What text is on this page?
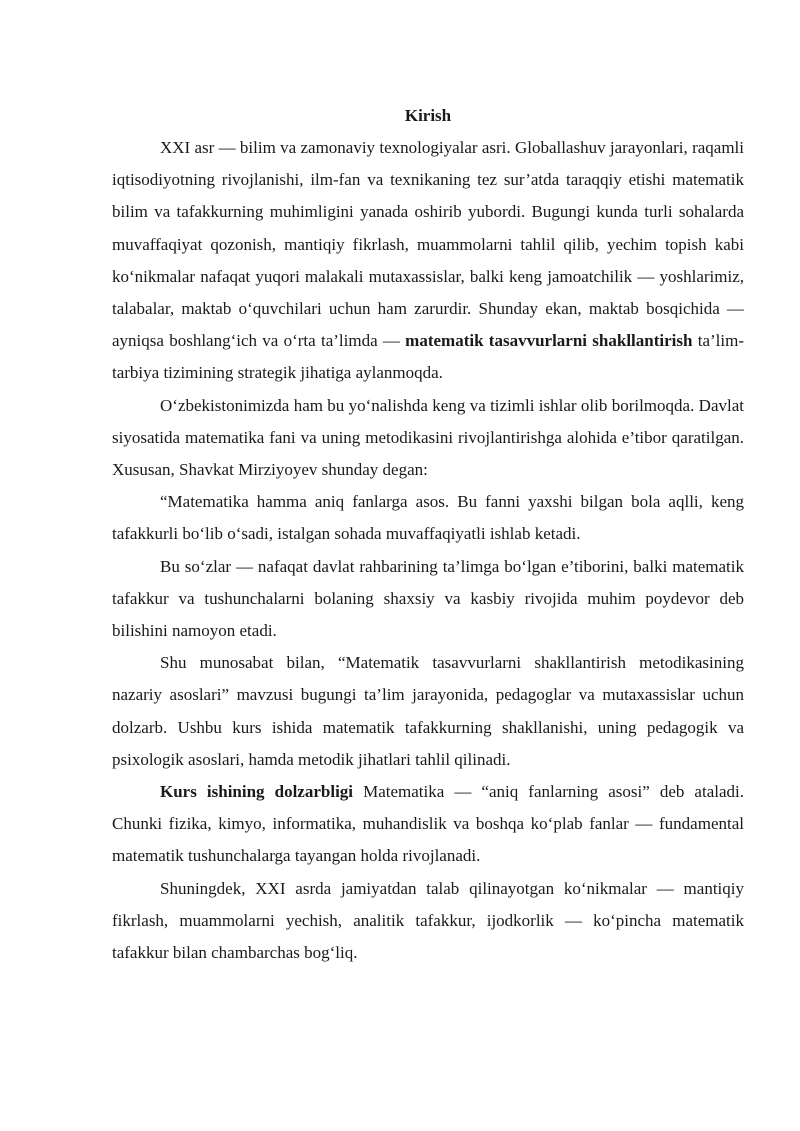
Kirish

XXI asr — bilim va zamonaviy texnologiyalar asri. Globallashuv jarayonlari, raqamli iqtisodiyotning rivojlanishi, ilm-fan va texnikaning tez sur’atda taraqqiy etishi matematik bilim va tafakkurning muhimligini yanada oshirib yubordi. Bugungi kunda turli sohalarda muvaffaqiyat qozonish, mantiqiy fikrlash, muammolarni tahlil qilib, yechim topish kabi ko‘nikmalar nafaqat yuqori malakali mutaxassislar, balki keng jamoatchilik — yoshlarimiz, talabalar, maktab o‘quvchilari uchun ham zarurdir. Shunday ekan, maktab bosqichida — ayniqsa boshlang‘ich va o‘rta ta’limda — matematik tasavvurlarni shakllantirish ta’lim-tarbiya tizimining strategik jihatiga aylanmoqda.

O‘zbekistonimizda ham bu yo‘nalishda keng va tizimli ishlar olib borilmoqda. Davlat siyosatida matematika fani va uning metodikasini rivojlantirishga alohida e’tibor qaratilgan. Xususan, Shavkat Mirziyoyev shunday degan:

“Matematika hamma aniq fanlarga asos. Bu fanni yaxshi bilgan bola aqlli, keng tafakkurli bo‘lib o‘sadi, istalgan sohada muvaffaqiyatli ishlab ketadi.

Bu so‘zlar — nafaqat davlat rahbarining ta’limga bo‘lgan e’tiborini, balki matematik tafakkur va tushunchalarni bolaning shaxsiy va kasbiy rivojida muhim poydevor deb bilishini namoyon etadi.

Shu munosabat bilan, “Matematik tasavvurlarni shakllantirish metodikasining nazariy asoslari” mavzusi bugungi ta’lim jarayonida, pedagoglar va mutaxassislar uchun dolzarb. Ushbu kurs ishida matematik tafakkurning shakllanishi, uning pedagogik va psixologik asoslari, hamda metodik jihatlari tahlil qilinadi.

Kurs ishining dolzarbligi Matematika — “aniq fanlarning asosi” deb ataladi. Chunki fizika, kimyo, informatika, muhandislik va boshqa ko‘plab fanlar — fundamental matematik tushunchalarga tayangan holda rivojlanadi.

Shuningdek, XXI asrda jamiyatdan talab qilinayotgan ko‘nikmalar — mantiqiy fikrlash, muammolarni yechish, analitik tafakkur, ijodkorlik — ko‘pincha matematik tafakkur bilan chambarchas bog‘liq.
